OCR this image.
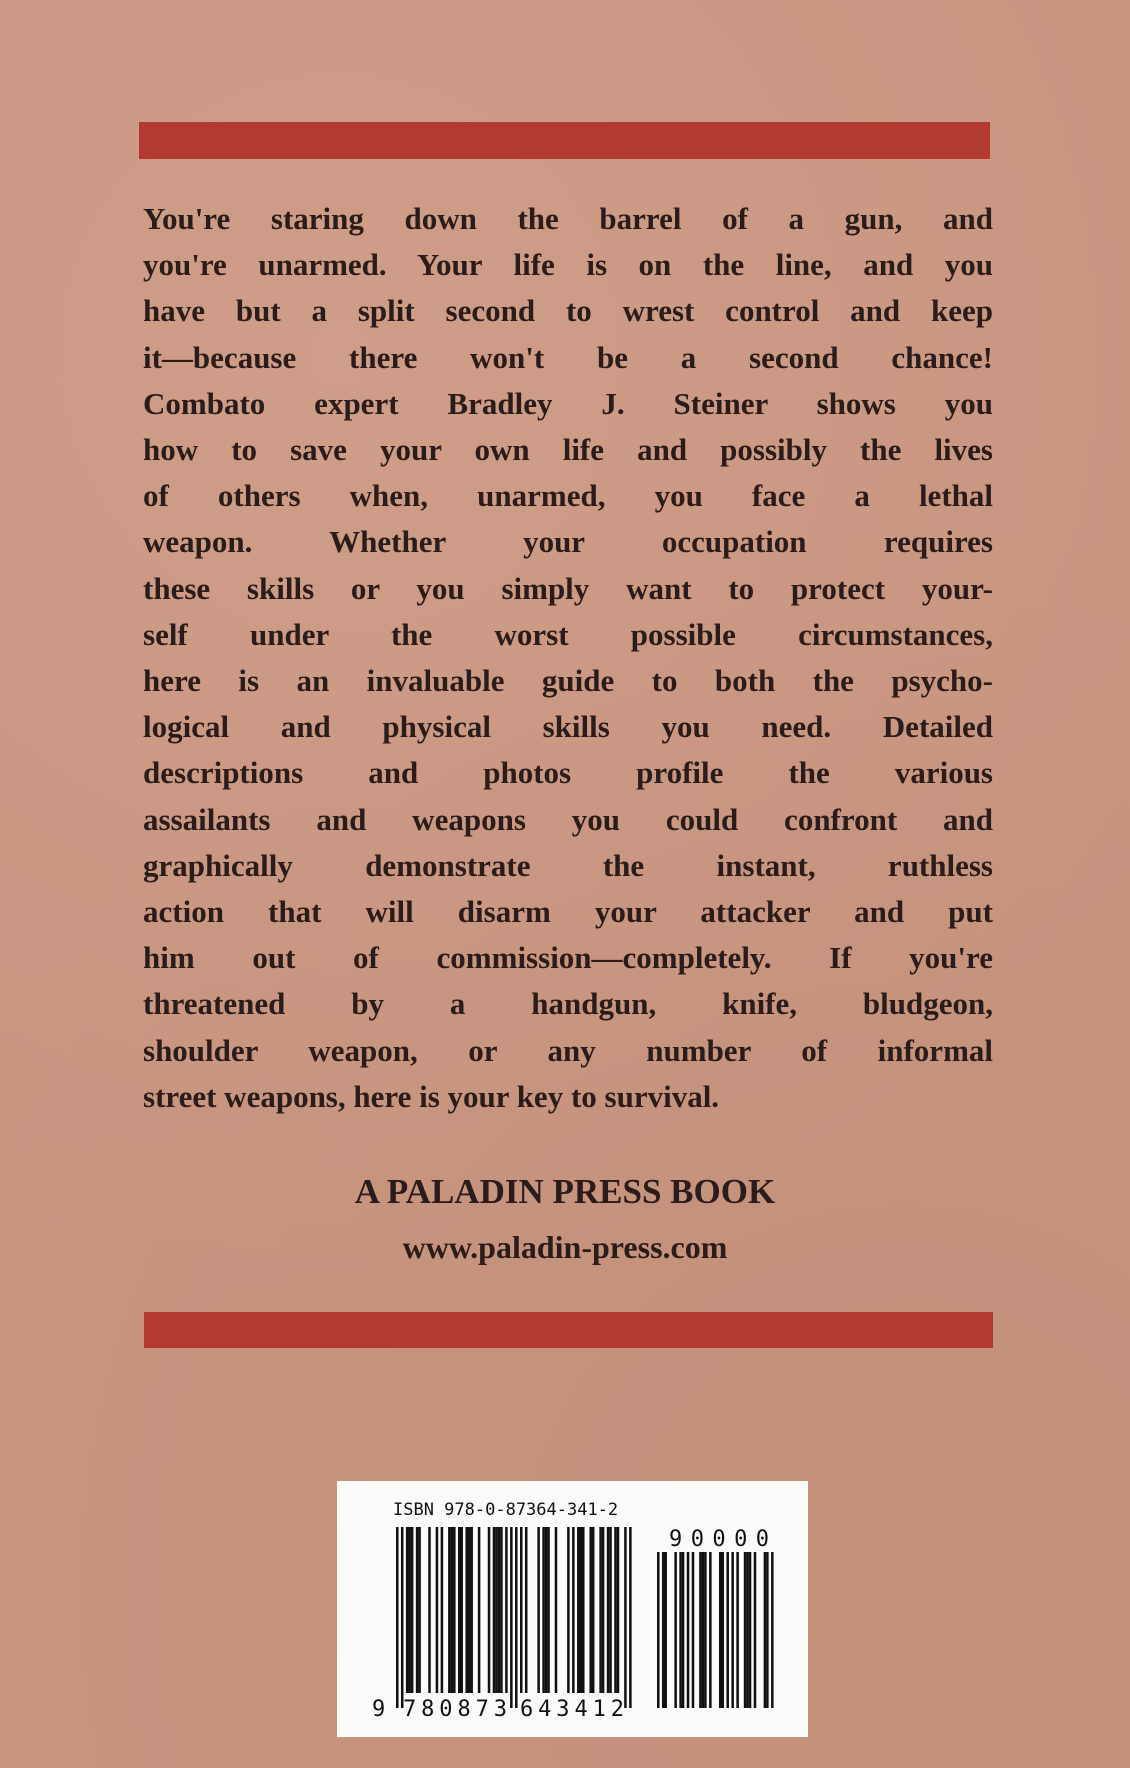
You're staring down the barrel of a gun, and
you're unarmed. Your life is on the line, and you
have but a split second to wrest control and keep
it—because there won't be a second chance!
Combato expert Bradley J. Steiner shows you
how to save your own life and possibly the lives
of others when, unarmed, you face a lethal
weapon. Whether your occupation requires
these skills or you simply want to protect your-
self under the worst possible circumstances,
here is an invaluable guide to both the psycho-
logical and physical skills you need. Detailed
descriptions and photos profile the various
assailants and weapons you could confront and
graphically demonstrate the instant, ruthless
action that will disarm your attacker and put
him out of commission—completely. If you're
threatened by a handgun, knife, bludgeon,
shoulder weapon, or any number of informal
street weapons, here is your key to survival.
A PALADIN PRESS BOOK
www.paladin-press.com
ISBN 978-0-87364-341-2
9 780873 643412
90000
